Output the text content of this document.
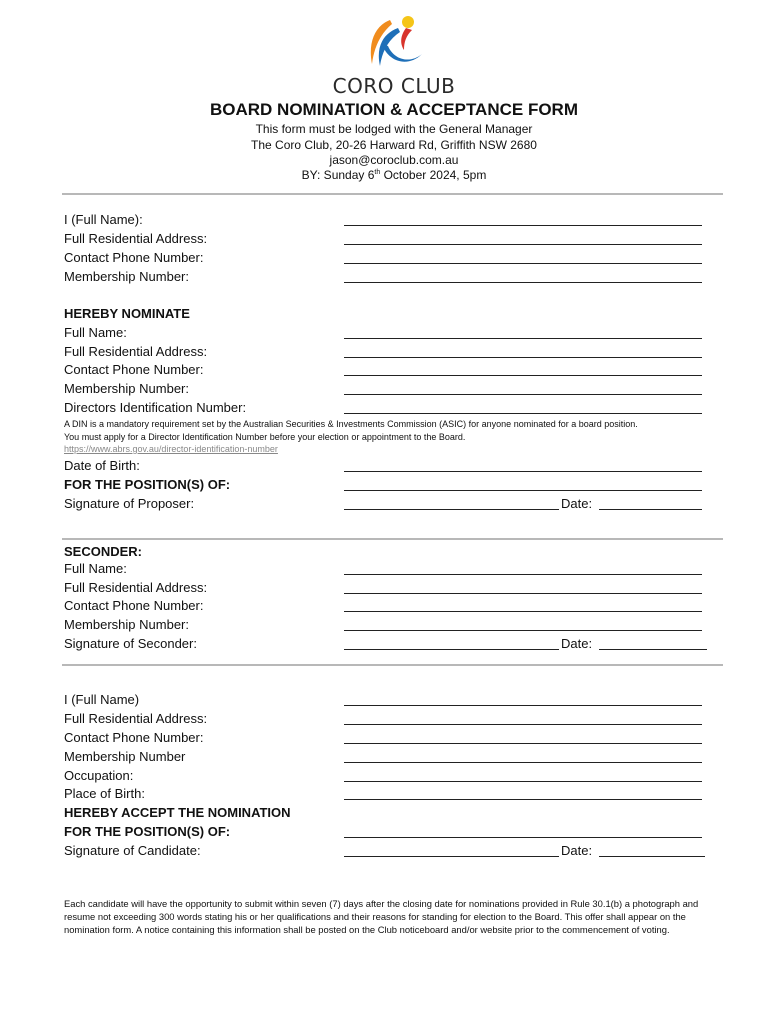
CORO CLUB
BOARD NOMINATION & ACCEPTANCE FORM
This form must be lodged with the General Manager
The Coro Club, 20-26 Harward Rd, Griffith NSW 2680
jason@coroclub.com.au
BY: Sunday 6th October 2024, 5pm
I (Full Name):
Full Residential Address:
Contact Phone Number:
Membership Number:
HEREBY NOMINATE
Full Name:
Full Residential Address:
Contact Phone Number:
Membership Number:
Directors Identification Number:
A DIN is a mandatory requirement set by the Australian Securities & Investments Commission (ASIC) for anyone nominated for a board position.
You must apply for a Director Identification Number before your election or appointment to the Board.
https://www.abrs.gov.au/director-identification-number
Date of Birth:
FOR THE POSITION(S) OF:
Signature of Proposer:	Date:
SECONDER:
Full Name:
Full Residential Address:
Contact Phone Number:
Membership Number:
Signature of Seconder:	Date:
I (Full Name)
Full Residential Address:
Contact Phone Number:
Membership Number
Occupation:
Place of Birth:
HEREBY ACCEPT THE NOMINATION
FOR THE POSITION(S) OF:
Signature of Candidate:	Date:
Each candidate will have the opportunity to submit within seven (7) days after the closing date for nominations provided in Rule 30.1(b) a photograph and resume not exceeding 300 words stating his or her qualifications and their reasons for standing for election to the Board. This offer shall appear on the nomination form. A notice containing this information shall be posted on the Club noticeboard and/or website prior to the commencement of voting.
